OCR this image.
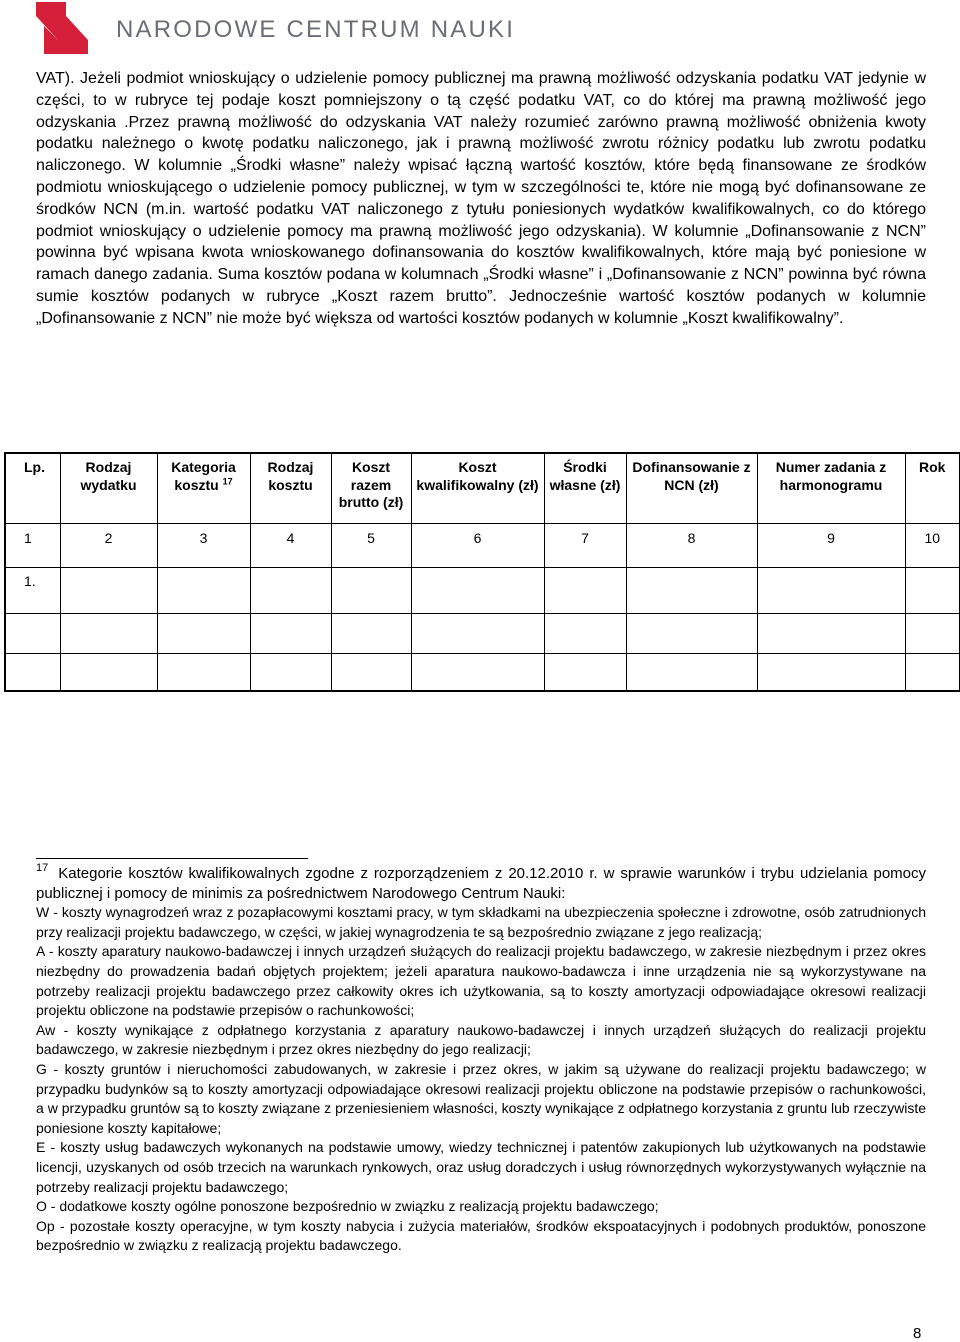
NARODOWE CENTRUM NAUKI

VAT). Jeżeli podmiot wnioskujący o udzielenie pomocy publicznej ma prawną możliwość odzyskania podatku VAT jedynie w części, to w rubryce tej podaje koszt pomniejszony o tą część podatku VAT, co do której ma prawną możliwość jego odzyskania .Przez prawną możliwość do odzyskania VAT należy rozumieć zarówno prawną możliwość obniżenia kwoty podatku należnego o kwotę podatku naliczonego, jak i prawną możliwość zwrotu różnicy podatku lub zwrotu podatku naliczonego. W kolumnie „Środki własne” należy wpisać łączną wartość kosztów, które będą finansowane ze środków podmiotu wnioskującego o udzielenie pomocy publicznej, w tym w szczególności te, które nie mogą być dofinansowane ze środków NCN (m.in. wartość podatku VAT naliczonego z tytułu poniesionych wydatków kwalifikowalnych, co do którego podmiot wnioskujący o udzielenie pomocy ma prawną możliwość jego odzyskania). W kolumnie „Dofinansowanie z NCN” powinna być wpisana kwota wnioskowanego dofinansowania do kosztów kwalifikowalnych, które mają być poniesione w ramach danego zadania. Suma kosztów podana w kolumnach „Środki własne” i „Dofinansowanie z NCN” powinna być równa sumie kosztów podanych w rubryce „Koszt razem brutto”. Jednocześnie wartość kosztów podanych w kolumnie „Dofinansowanie z NCN” nie może być większa od wartości kosztów podanych w kolumnie „Koszt kwalifikowalny”.

Lp.	Rodzaj wydatku	Kategoria kosztu $^{17}$	Rodzaj kosztu	Koszt razem brutto (zł)	Koszt kwalifikowalny (zł)	Środki własne (zł)	Dofinansowanie z NCN (zł)	Numer zadania z harmonogramu	Rok
1	2	3	4	5	6	7	8	9	10
1.									

$^{17}$ Kategorie kosztów kwalifikowalnych zgodne z rozporządzeniem z 20.12.2010 r. w sprawie warunków i trybu udzielania pomocy publicznej i pomocy de minimis za pośrednictwem Narodowego Centrum Nauki:

W - koszty wynagrodzeń wraz z pozapłacowymi kosztami pracy, w tym składkami na ubezpieczenia społeczne i zdrowotne, osób zatrudnionych przy realizacji projektu badawczego, w części, w jakiej wynagrodzenia te są bezpośrednio związane z jego realizacją;

A - koszty aparatury naukowo-badawczej i innych urządzeń służących do realizacji projektu badawczego, w zakresie niezbędnym i przez okres niezbędny do prowadzenia badań objętych projektem; jeżeli aparatura naukowo-badawcza i inne urządzenia nie są wykorzystywane na potrzeby realizacji projektu badawczego przez całkowity okres ich użytkowania, są to koszty amortyzacji odpowiadające okresowi realizacji projektu obliczone na podstawie przepisów o rachunkowości;

Aw - koszty wynikające z odpłatnego korzystania z aparatury naukowo-badawczej i innych urządzeń służących do realizacji projektu badawczego, w zakresie niezbędnym i przez okres niezbędny do jego realizacji;

G - koszty gruntów i nieruchomości zabudowanych, w zakresie i przez okres, w jakim są używane do realizacji projektu badawczego; w przypadku budynków są to koszty amortyzacji odpowiadające okresowi realizacji projektu obliczone na podstawie przepisów o rachunkowości, a w przypadku gruntów są to koszty związane z przeniesieniem własności, koszty wynikające z odpłatnego korzystania z gruntu lub rzeczywiste poniesione koszty kapitałowe;

E - koszty usług badawczych wykonanych na podstawie umowy, wiedzy technicznej i patentów zakupionych lub użytkowanych na podstawie licencji, uzyskanych od osób trzecich na warunkach rynkowych, oraz usług doradczych i usług równorzędnych wykorzystywanych wyłącznie na potrzeby realizacji projektu badawczego;

O - dodatkowe koszty ogólne ponoszone bezpośrednio w związku z realizacją projektu badawczego;

Op - pozostałe koszty operacyjne, w tym koszty nabycia i zużycia materiałów, środków ekspoatacyjnych i podobnych produktów, ponoszone bezpośrednio w związku z realizacją projektu badawczego.

8
